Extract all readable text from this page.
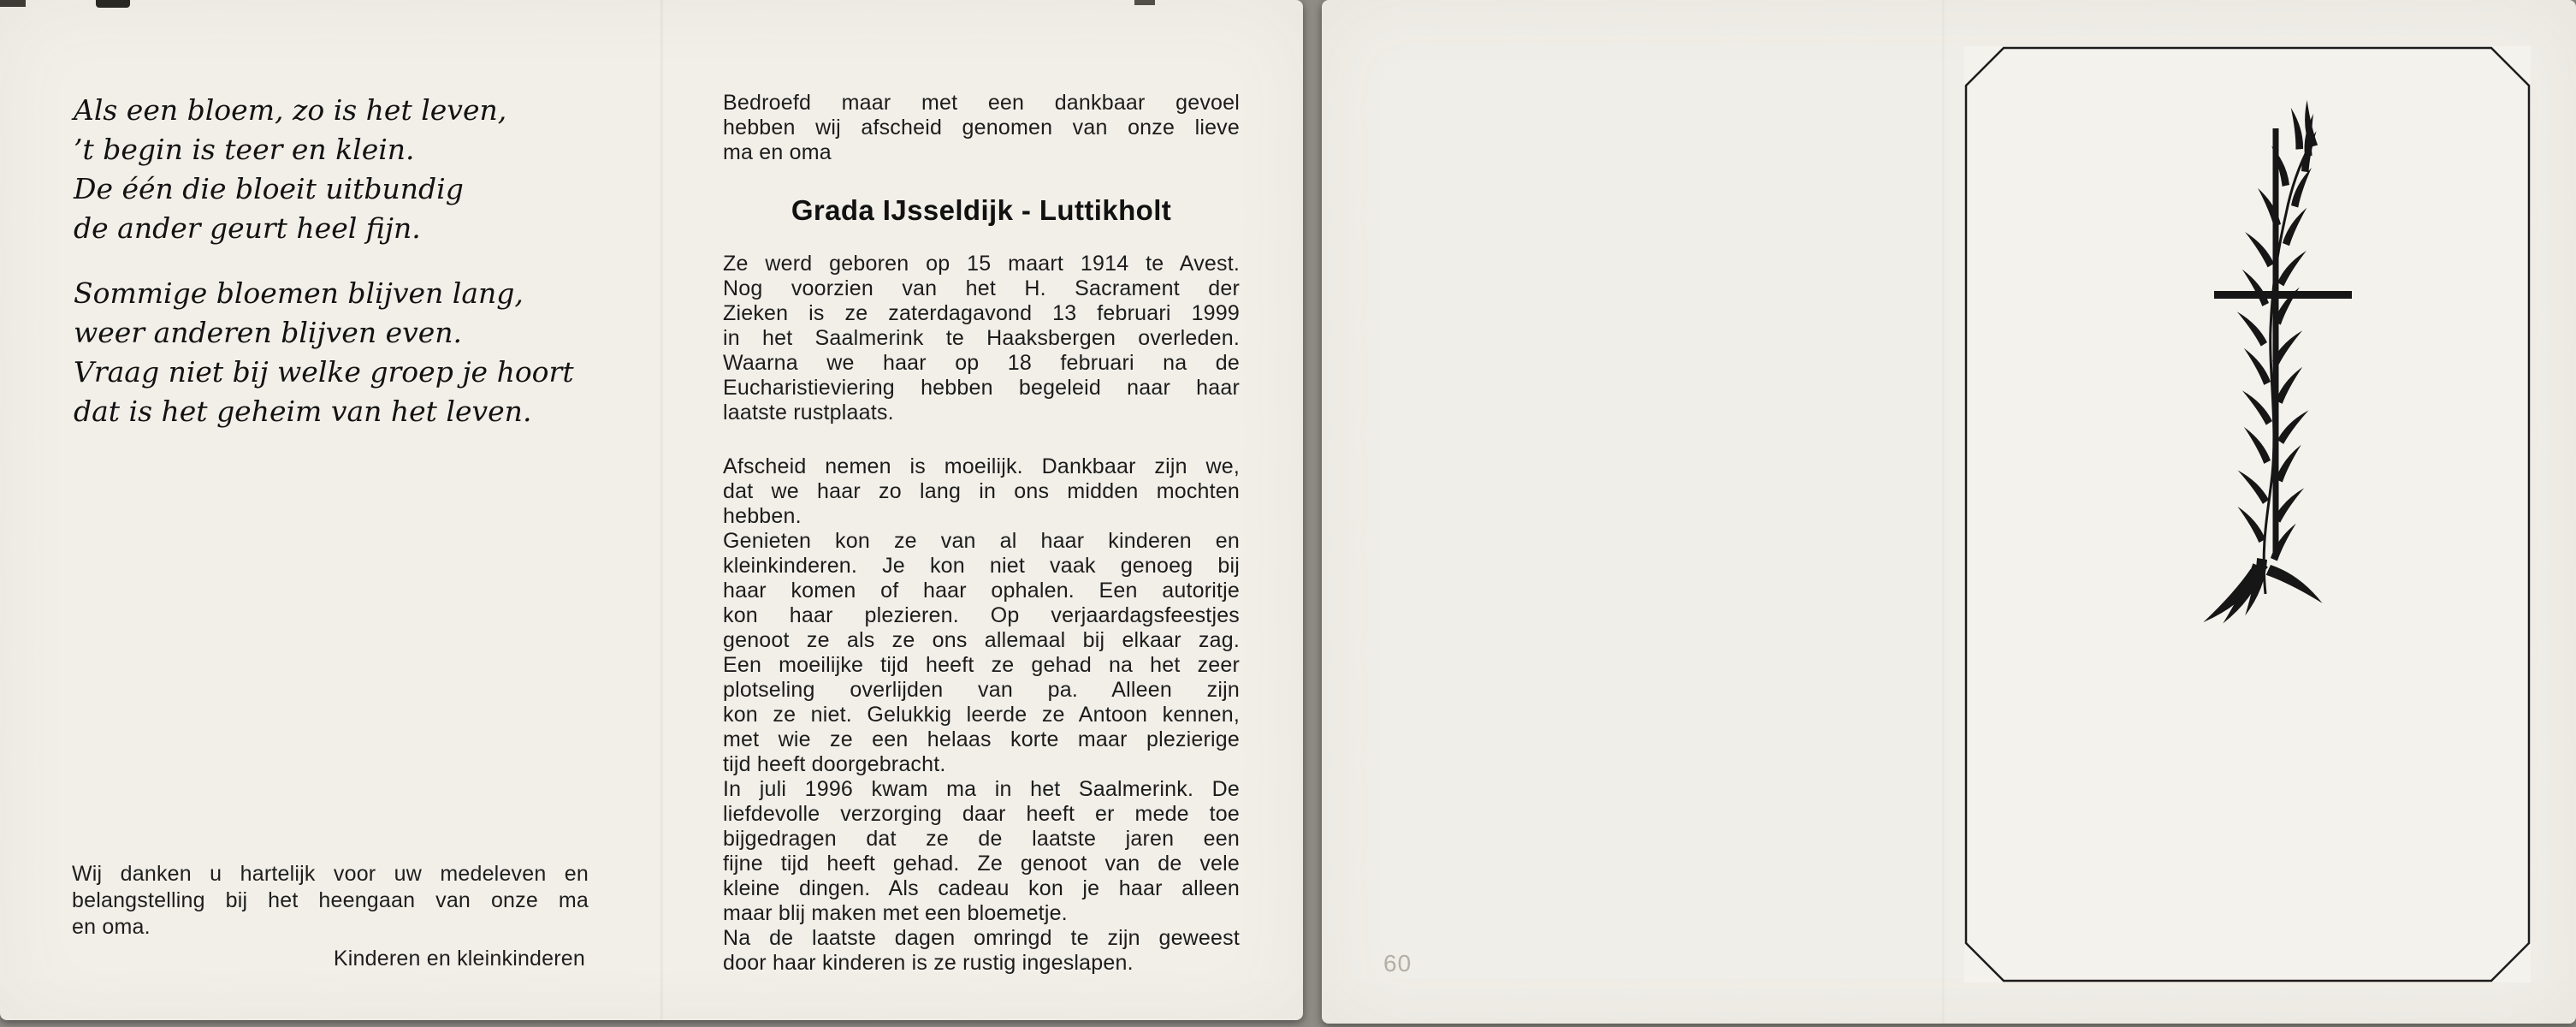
Als een bloem, zo is het leven,
’t begin is teer en klein.
De één die bloeit uitbundig
de ander geurt heel fijn.
Sommige bloemen blijven lang,
weer anderen blijven even.
Vraag niet bij welke groep je hoort
dat is het geheim van het leven.
Wij danken u hartelijk voor uw medeleven en
belangstelling bij het heengaan van onze ma
en oma.
Kinderen en kleinkinderen
Bedroefd maar met een dankbaar gevoel
hebben wij afscheid genomen van onze lieve
ma en oma
Grada IJsseldijk - Luttikholt
Ze werd geboren op 15 maart 1914 te Avest.
Nog voorzien van het H. Sacrament der
Zieken is ze zaterdagavond 13 februari 1999
in het Saalmerink te Haaksbergen overleden.
Waarna we haar op 18 februari na de
Eucharistieviering hebben begeleid naar haar
laatste rustplaats.
Afscheid nemen is moeilijk. Dankbaar zijn we,
dat we haar zo lang in ons midden mochten
hebben.
Genieten kon ze van al haar kinderen en
kleinkinderen. Je kon niet vaak genoeg bij
haar komen of haar ophalen. Een autoritje
kon haar plezieren. Op verjaardagsfeestjes
genoot ze als ze ons allemaal bij elkaar zag.
Een moeilijke tijd heeft ze gehad na het zeer
plotseling overlijden van pa. Alleen zijn
kon ze niet. Gelukkig leerde ze Antoon kennen,
met wie ze een helaas korte maar plezierige
tijd heeft doorgebracht.
In juli 1996 kwam ma in het Saalmerink. De
liefdevolle verzorging daar heeft er mede toe
bijgedragen dat ze de laatste jaren een
fijne tijd heeft gehad. Ze genoot van de vele
kleine dingen. Als cadeau kon je haar alleen
maar blij maken met een bloemetje.
Na de laatste dagen omringd te zijn geweest
door haar kinderen is ze rustig ingeslapen.	60
